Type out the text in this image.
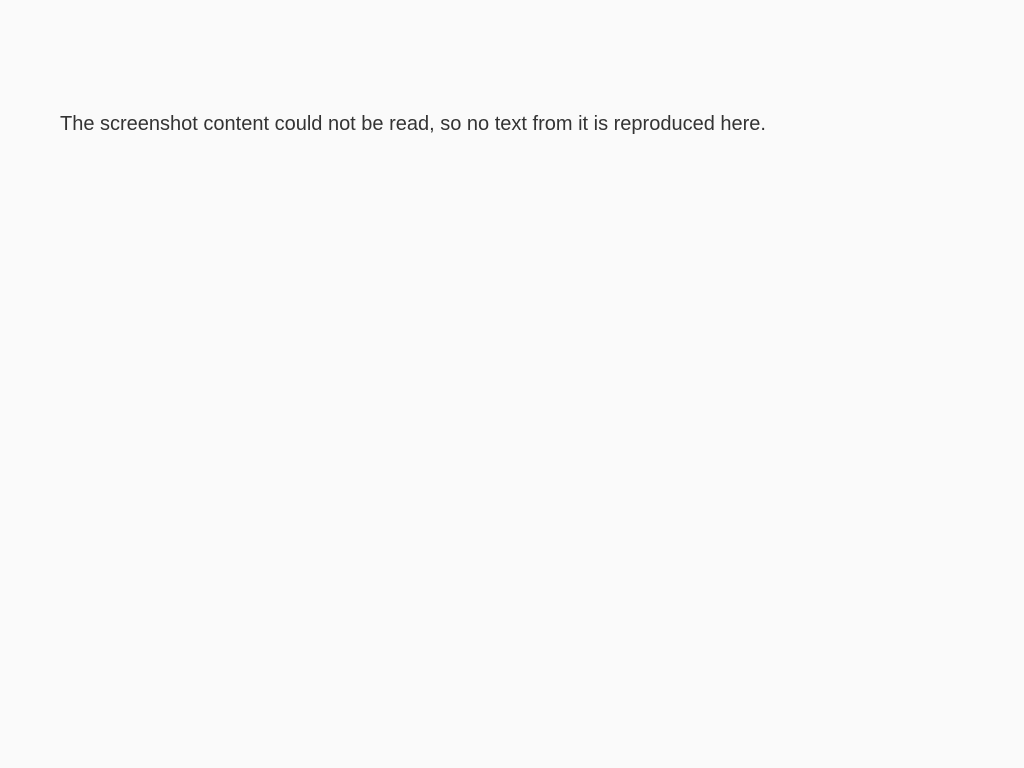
The screenshot content could not be read, so no text from it is reproduced here.
